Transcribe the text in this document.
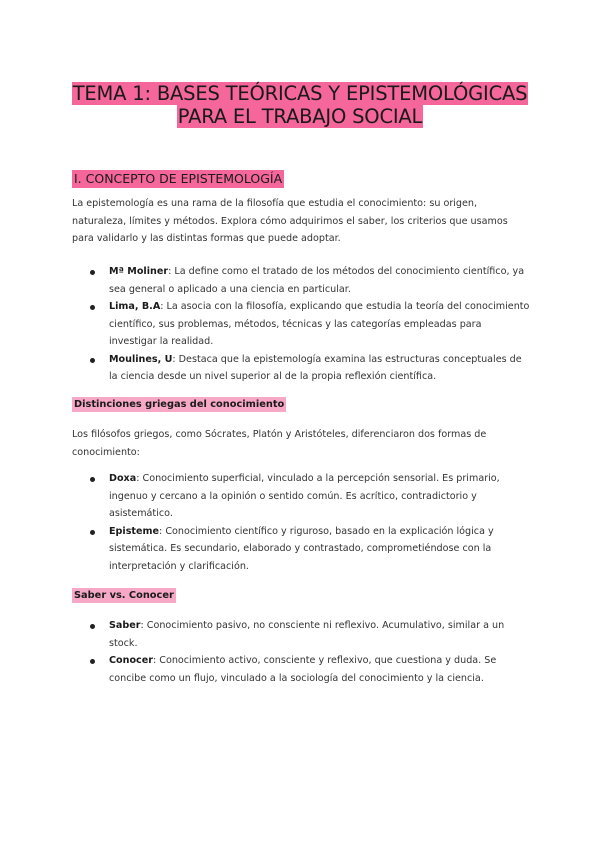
TEMA 1: BASES TEÓRICAS Y EPISTEMOLÓGICAS
PARA EL TRABAJO SOCIAL
I. CONCEPTO DE EPISTEMOLOGÍA

La epistemología es una rama de la filosofía que estudia el conocimiento: su origen, naturaleza, límites y métodos. Explora cómo adquirimos el saber, los criterios que usamos para validarlo y las distintas formas que puede adoptar.

Mª Moliner: La define como el tratado de los métodos del conocimiento científico, ya sea general o aplicado a una ciencia en particular.
Lima, B.A: La asocia con la filosofía, explicando que estudia la teoría del conocimiento científico, sus problemas, métodos, técnicas y las categorías empleadas para investigar la realidad.
Moulines, U: Destaca que la epistemología examina las estructuras conceptuales de la ciencia desde un nivel superior al de la propia reflexión científica.
Distinciones griegas del conocimiento

Los filósofos griegos, como Sócrates, Platón y Aristóteles, diferenciaron dos formas de conocimiento:

Doxa: Conocimiento superficial, vinculado a la percepción sensorial. Es primario, ingenuo y cercano a la opinión o sentido común. Es acrítico, contradictorio y asistemático.
Episteme: Conocimiento científico y riguroso, basado en la explicación lógica y sistemática. Es secundario, elaborado y contrastado, comprometiéndose con la interpretación y clarificación.
Saber vs. Conocer
Saber: Conocimiento pasivo, no consciente ni reflexivo. Acumulativo, similar a un stock.
Conocer: Conocimiento activo, consciente y reflexivo, que cuestiona y duda. Se concibe como un flujo, vinculado a la sociología del conocimiento y la ciencia.
